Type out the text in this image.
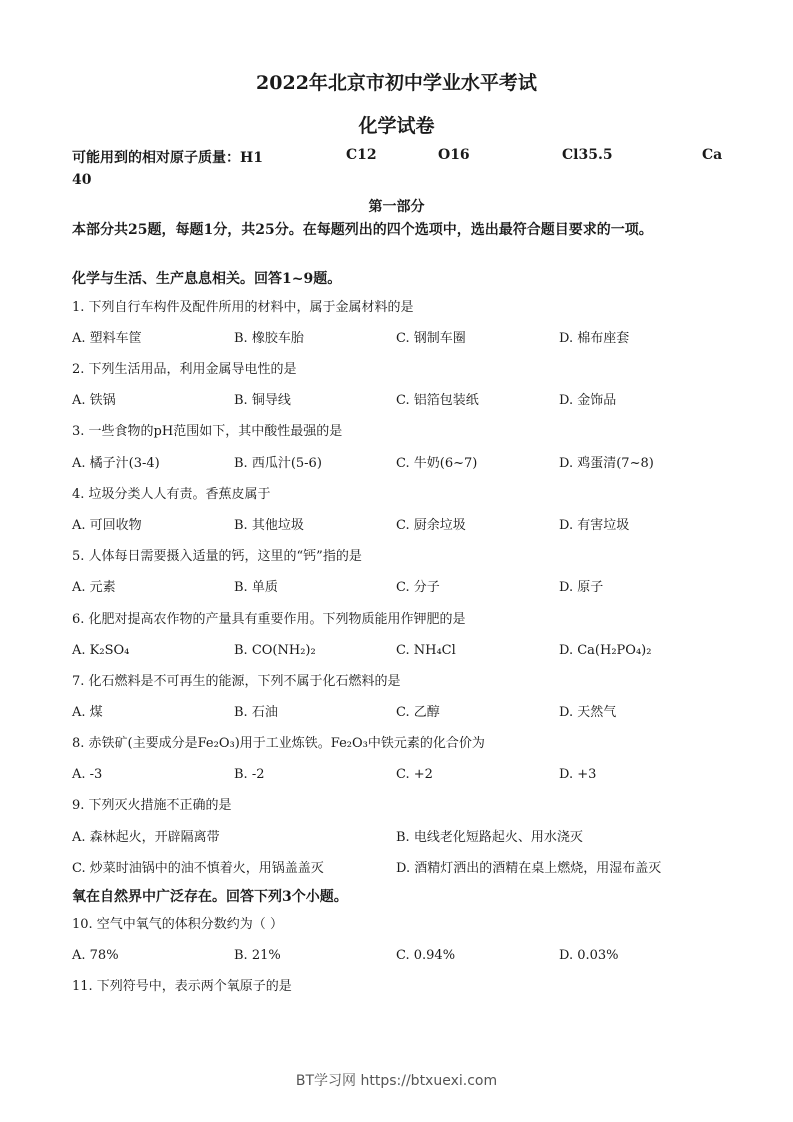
2022年北京市初中学业水平考试
化学试卷
可能用到的相对原子质量：H1	C12	O16	Cl35.5	Ca
40
第一部分
本部分共25题，每题1分，共25分。在每题列出的四个选项中，选出最符合题目要求的一项。
化学与生活、生产息息相关。回答1~9题。
1. 下列自行车构件及配件所用的材料中，属于金属材料的是
A. 塑料车筐	B. 橡胶车胎	C. 钢制车圈	D. 棉布座套
2. 下列生活用品，利用金属导电性的是
A. 铁锅	B. 铜导线	C. 铝箔包装纸	D. 金饰品
3. 一些食物的pH范围如下，其中酸性最强的是
A. 橘子汁(3-4)	B. 西瓜汁(5-6)	C. 牛奶(6~7)	D. 鸡蛋清(7~8)
4. 垃圾分类人人有责。香蕉皮属于
A. 可回收物	B. 其他垃圾	C. 厨余垃圾	D. 有害垃圾
5. 人体每日需要摄入适量的钙，这里的“钙”指的是
A. 元素	B. 单质	C. 分子	D. 原子
6. 化肥对提高农作物的产量具有重要作用。下列物质能用作钾肥的是
A. K₂SO₄	B. CO(NH₂)₂	C. NH₄Cl	D. Ca(H₂PO₄)₂
7. 化石燃料是不可再生的能源，下列不属于化石燃料的是
A. 煤	B. 石油	C. 乙醇	D. 天然气
8. 赤铁矿(主要成分是Fe₂O₃)用于工业炼铁。Fe₂O₃中铁元素的化合价为
A. -3	B. -2	C. +2	D. +3
9. 下列灭火措施不正确的是
A. 森林起火，开辟隔离带	B. 电线老化短路起火、用水浇灭
C. 炒菜时油锅中的油不慎着火，用锅盖盖灭	D. 酒精灯洒出的酒精在桌上燃烧，用湿布盖灭
氧在自然界中广泛存在。回答下列3个小题。
10. 空气中氧气的体积分数约为（ ）
A. 78%	B. 21%	C. 0.94%	D. 0.03%
11. 下列符号中，表示两个氧原子的是
BT学习网 https://btxuexi.com
